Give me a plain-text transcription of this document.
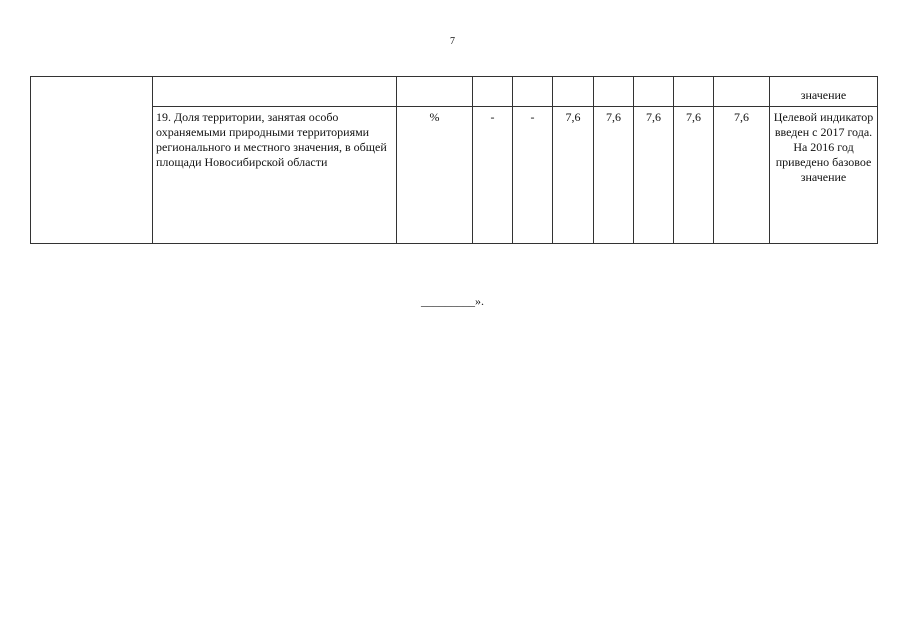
7
										значение
	19. Доля территории, занятая особо охраняемыми природными территориями регионального и местного значения, в общей площади Новосибирской области	%	-	-	7,6	7,6	7,6	7,6	7,6	Целевой индикатор введен с 2017 года. На 2016 год приведено базовое значение
_________».
